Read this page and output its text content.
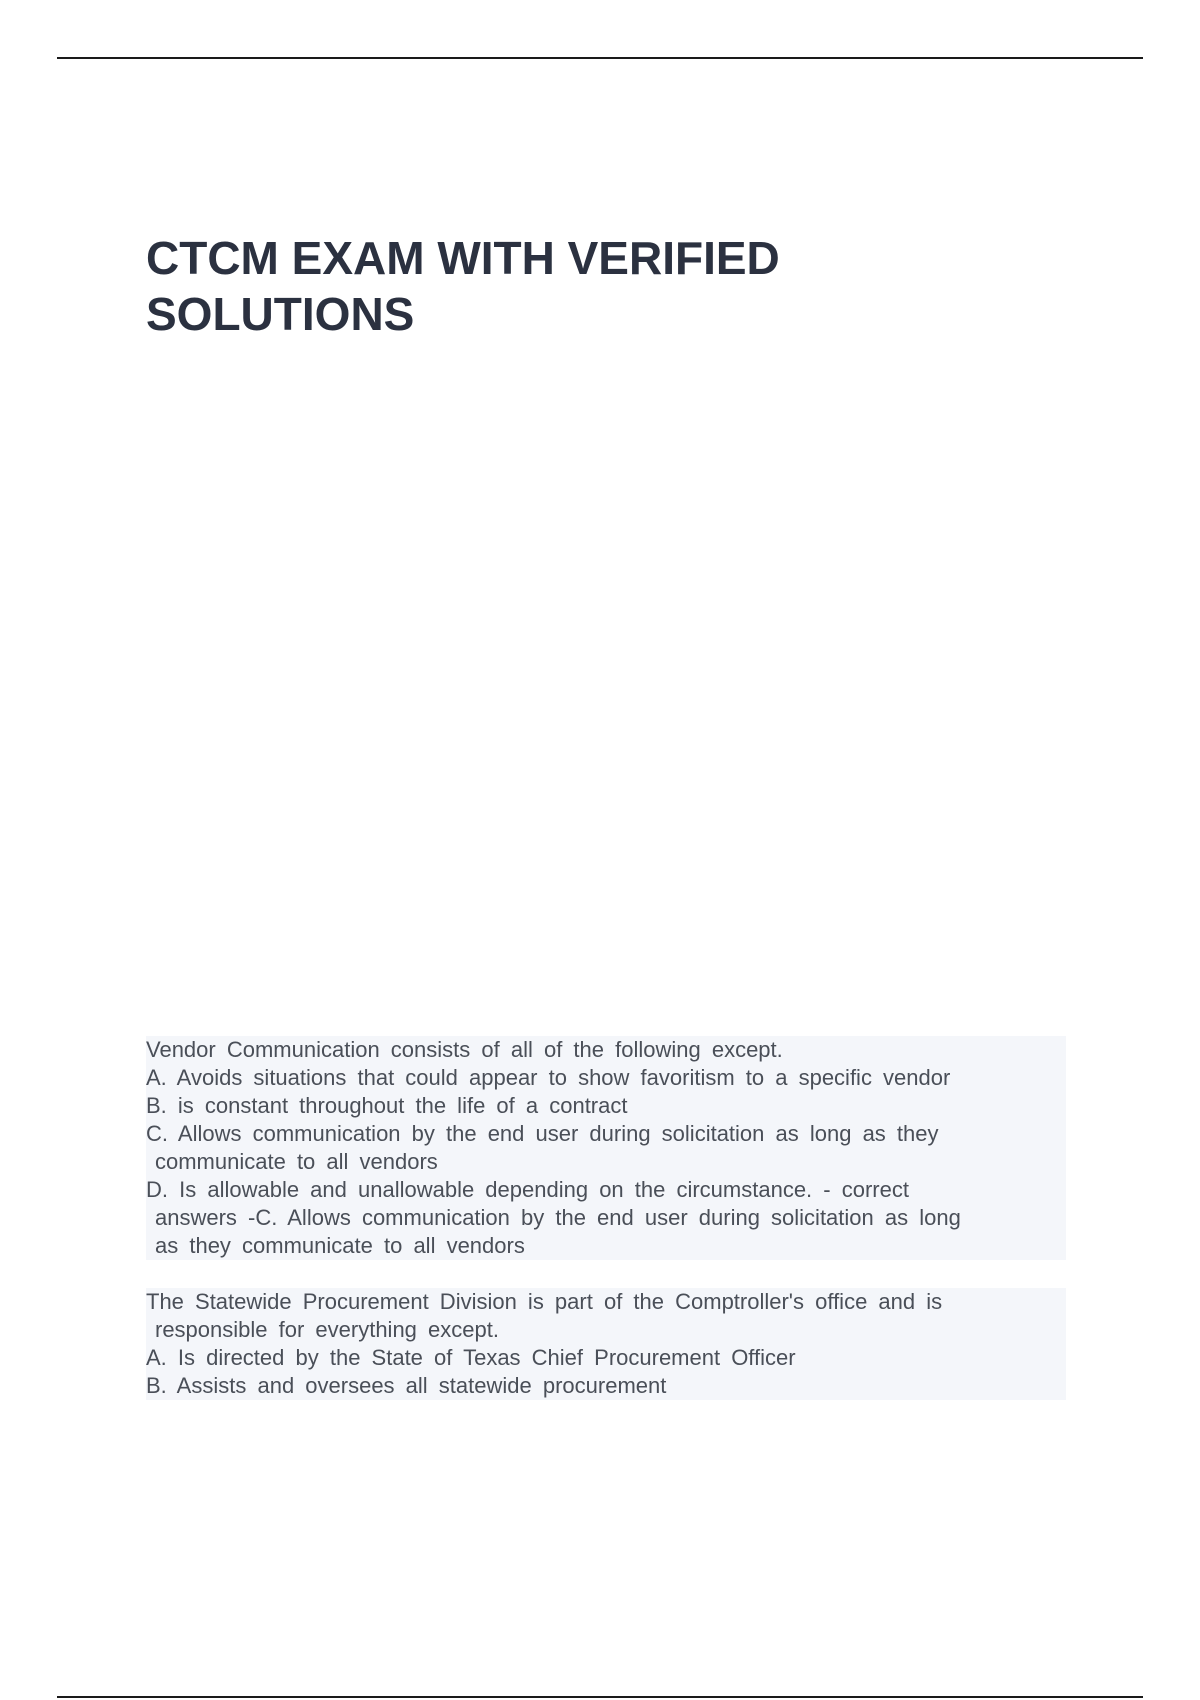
CTCM EXAM WITH VERIFIED
SOLUTIONS
Vendor Communication consists of all of the following except.
A. Avoids situations that could appear to show favoritism to a specific vendor
B. is constant throughout the life of a contract
C. Allows communication by the end user during solicitation as long as they
communicate to all vendors
D. Is allowable and unallowable depending on the circumstance. - correct
answers -C. Allows communication by the end user during solicitation as long
as they communicate to all vendors
The Statewide Procurement Division is part of the Comptroller's office and is
responsible for everything except.
A. Is directed by the State of Texas Chief Procurement Officer
B. Assists and oversees all statewide procurement
